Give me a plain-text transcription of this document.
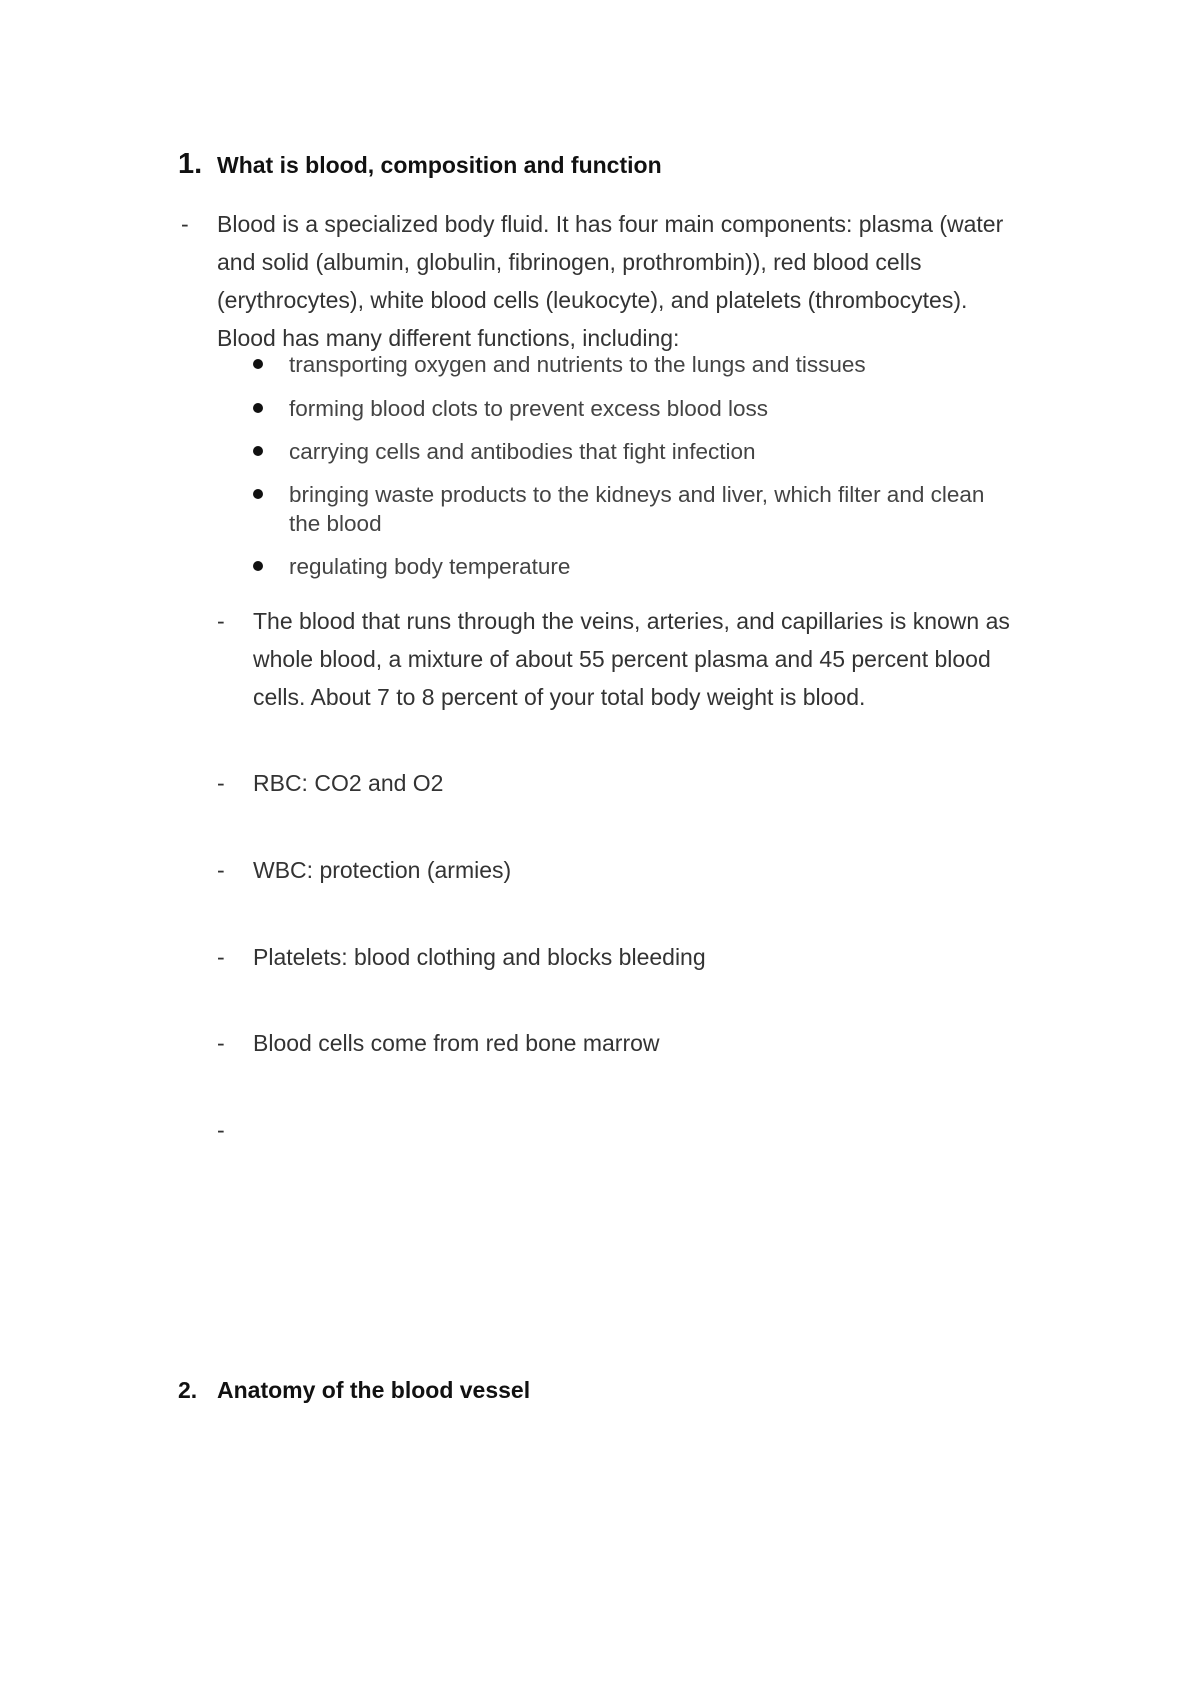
1. What is blood, composition and function
- Blood is a specialized body fluid. It has four main components: plasma (water
and solid (albumin, globulin, fibrinogen, prothrombin)), red blood cells
(erythrocytes), white blood cells (leukocyte), and platelets (thrombocytes).
Blood has many different functions, including:
transporting oxygen and nutrients to the lungs and tissues
forming blood clots to prevent excess blood loss
carrying cells and antibodies that fight infection
bringing waste products to the kidneys and liver, which filter and clean
the blood
regulating body temperature
- The blood that runs through the veins, arteries, and capillaries is known as
whole blood, a mixture of about 55 percent plasma and 45 percent blood
cells. About 7 to 8 percent of your total body weight is blood.
- RBC: CO2 and O2
- WBC: protection (armies)
- Platelets: blood clothing and blocks bleeding
- Blood cells come from red bone marrow
-
2. Anatomy of the blood vessel
